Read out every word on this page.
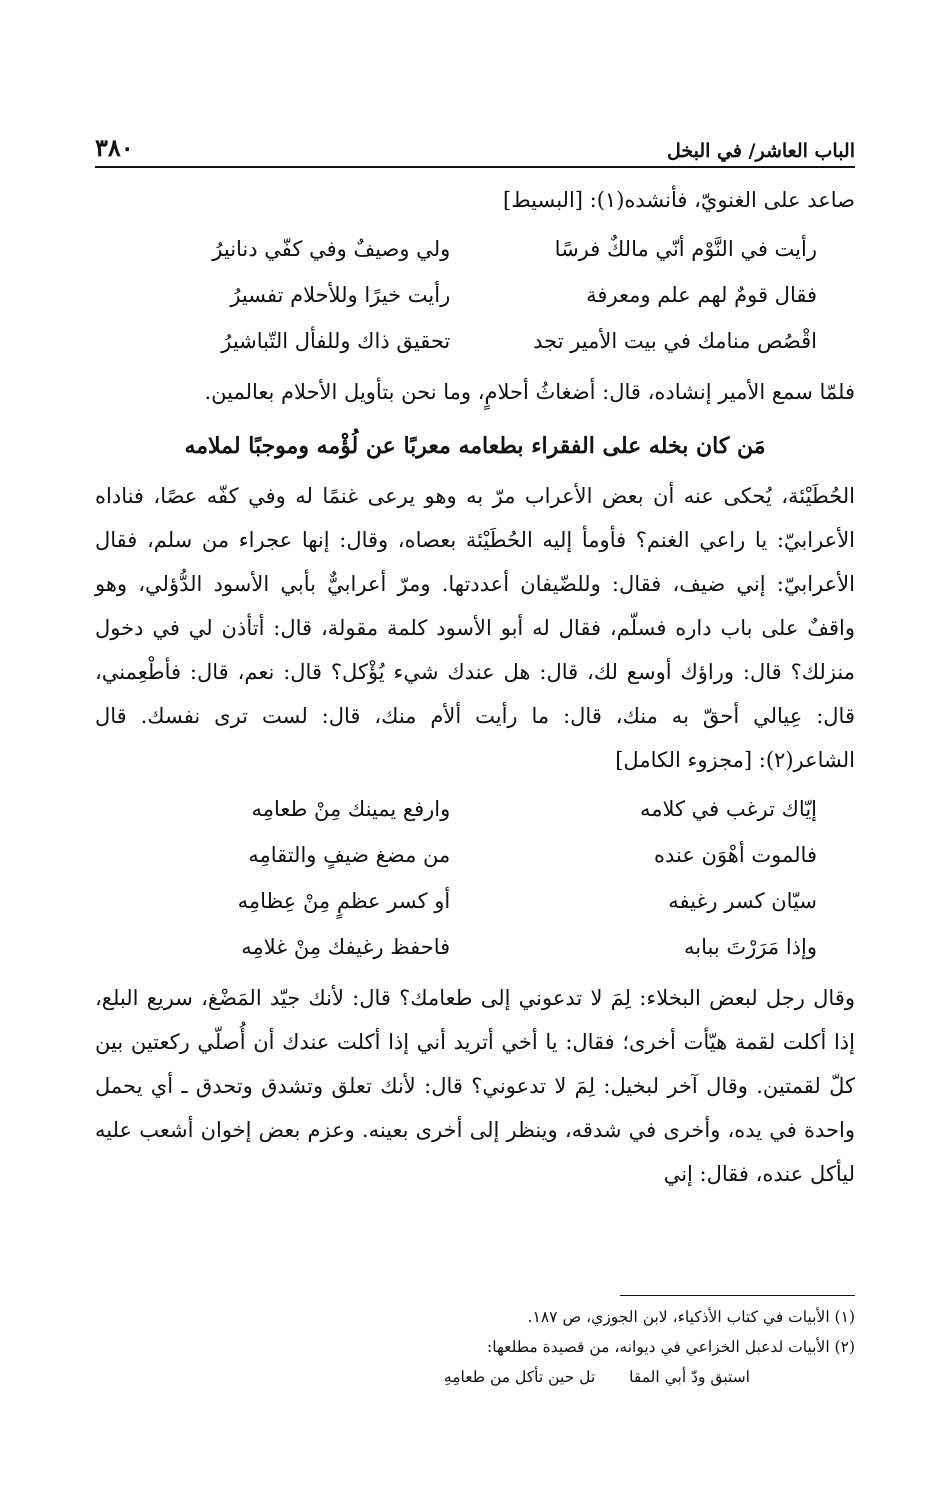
٣٨٠	الباب العاشر/ في البخل

صاعد على الغنويّ، فأنشده(١): [البسيط]

رأيت في النَّوْم أنّي مالكٌ فرسًا
ولي وصيفٌ وفي كفّي دنانيرُ
فقال قومٌ لهم علم ومعرفة
رأيت خيرًا وللأحلام تفسيرُ
اقْصُص منامك في بيت الأمير تجد
تحقيق ذاك وللفأل التّباشيرُ

فلمّا سمع الأمير إنشاده، قال: أضغاثُ أحلامٍ، وما نحن بتأويل الأحلام بعالمين.

مَن كان بخله على الفقراء بطعامه معربًا عن لُؤْمه وموجبًا لملامه

الحُطَيْئة، يُحكى عنه أن بعض الأعراب مرّ به وهو يرعى غنمًا له وفي كفّه عصًا، فناداه الأعرابيّ: يا راعي الغنم؟ فأومأ إليه الحُطَيْئة بعصاه، وقال: إنها عجراء من سلم، فقال الأعرابيّ: إني ضيف، فقال: وللضّيفان أعددتها. ومرّ أعرابيٌّ بأبي الأسود الدُّؤلي، وهو واقفٌ على باب داره فسلّم، فقال له أبو الأسود كلمة مقولة، قال: أتأذن لي في دخول منزلك؟ قال: وراؤك أوسع لك، قال: هل عندك شيء يُؤْكل؟ قال: نعم، قال: فأطْعِمني، قال: عِيالي أحقّ به منك، قال: ما رأيت ألأم منك، قال: لست ترى نفسك. قال الشاعر(٢): [مجزوء الكامل]

إيّاك ترغب في كلامه
وارفع يمينك مِنْ طعامِه
فالموت أهْوَن عنده
من مضغ ضيفٍ والتقامِه
سيّان كسر رغيفه
أو كسر عظمٍ مِنْ عِظامِه
وإذا مَرَرْتَ ببابه
فاحفظ رغيفك مِنْ غلامِه

وقال رجل لبعض البخلاء: لِمَ لا تدعوني إلى طعامك؟ قال: لأنك جيّد المَضْغ، سريع البلع، إذا أكلت لقمة هيّأت أخرى؛ فقال: يا أخي أتريد أني إذا أكلت عندك أن أُصلّي ركعتين بين كلّ لقمتين. وقال آخر لبخيل: لِمَ لا تدعوني؟ قال: لأنك تعلق وتشدق وتحدق ـ أي يحمل واحدة في يده، وأخرى في شدقه، وينظر إلى أخرى بعينه. وعزم بعض إخوان أشعب عليه ليأكل عنده، فقال: إني

(١) الأبيات في كتاب الأذكياء، لابن الجوزي، ص ١٨٧.
(٢) الأبيات لدعبل الخزاعي في ديوانه، من قصيدة مطلعها:
استبق ودّ أبي المقا
تل حين تأكل من طعامِهِ
